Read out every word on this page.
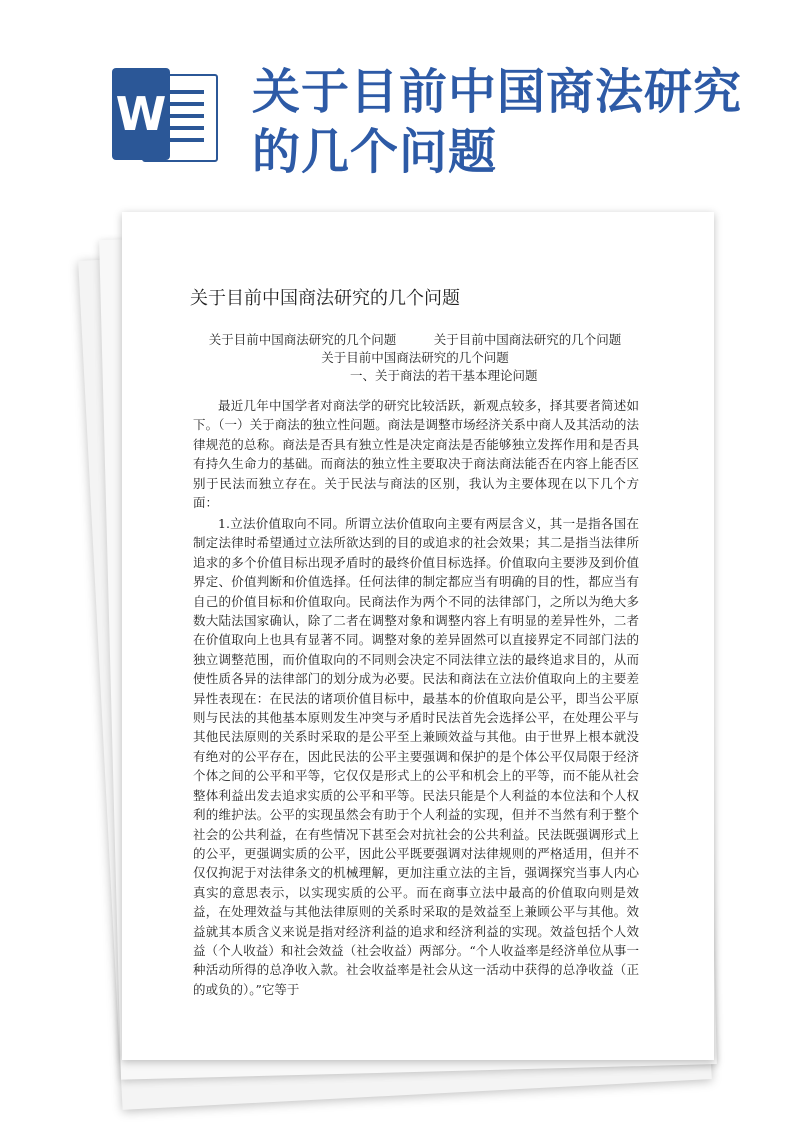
W 关于目前中国商法研究
的几个问题
关于目前中国商法研究的几个问题
关于目前中国商法研究的几个问题　　　关于目前中国商法研究的几个问题
关于目前中国商法研究的几个问题
一、关于商法的若干基本理论问题

最近几年中国学者对商法学的研究比较活跃，新观点较多，择其要者简述如下。（一）关于商法的独立性问题。商法是调整市场经济关系中商人及其活动的法律规范的总称。商法是否具有独立性是决定商法是否能够独立发挥作用和是否具有持久生命力的基础。而商法的独立性主要取决于商法商法能否在内容上能否区别于民法而独立存在。关于民法与商法的区别，我认为主要体现在以下几个方面：

1.立法价值取向不同。所谓立法价值取向主要有两层含义，其一是指各国在制定法律时希望通过立法所欲达到的目的或追求的社会效果；其二是指当法律所追求的多个价值目标出现矛盾时的最终价值目标选择。价值取向主要涉及到价值界定、价值判断和价值选择。任何法律的制定都应当有明确的目的性，都应当有自己的价值目标和价值取向。民商法作为两个不同的法律部门，之所以为绝大多数大陆法国家确认，除了二者在调整对象和调整内容上有明显的差异性外，二者在价值取向上也具有显著不同。调整对象的差异固然可以直接界定不同部门法的独立调整范围，而价值取向的不同则会决定不同法律立法的最终追求目的，从而使性质各异的法律部门的划分成为必要。民法和商法在立法价值取向上的主要差异性表现在：在民法的诸项价值目标中，最基本的价值取向是公平，即当公平原则与民法的其他基本原则发生冲突与矛盾时民法首先会选择公平，在处理公平与其他民法原则的关系时采取的是公平至上兼顾效益与其他。由于世界上根本就没有绝对的公平存在，因此民法的公平主要强调和保护的是个体公平仅局限于经济个体之间的公平和平等，它仅仅是形式上的公平和机会上的平等，而不能从社会整体利益出发去追求实质的公平和平等。民法只能是个人利益的本位法和个人权利的维护法。公平的实现虽然会有助于个人利益的实现，但并不当然有利于整个社会的公共利益，在有些情况下甚至会对抗社会的公共利益。民法既强调形式上的公平，更强调实质的公平，因此公平既要强调对法律规则的严格适用，但并不仅仅拘泥于对法律条文的机械理解，更加注重立法的主旨，强调探究当事人内心真实的意思表示，以实现实质的公平。而在商事立法中最高的价值取向则是效益，在处理效益与其他法律原则的关系时采取的是效益至上兼顾公平与其他。效益就其本质含义来说是指对经济利益的追求和经济利益的实现。效益包括个人效益（个人收益）和社会效益（社会收益）两部分。“个人收益率是经济单位从事一种活动所得的总净收入款。社会收益率是社会从这一活动中获得的总净收益（正的或负的）。”它等于
